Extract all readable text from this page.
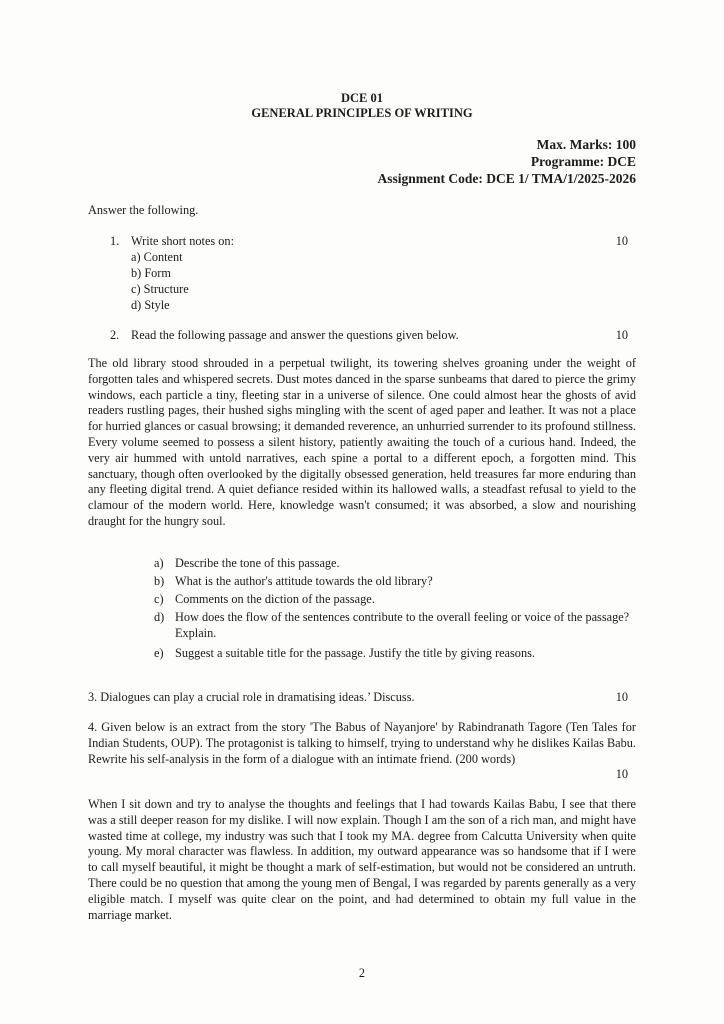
DCE 01
GENERAL PRINCIPLES OF WRITING
Max. Marks: 100
Programme: DCE
Assignment Code: DCE 1/ TMA/1/2025-2026
Answer the following.
1. Write short notes on:	10
a) Content
b) Form
c) Structure
d) Style
2. Read the following passage and answer the questions given below.	10
The old library stood shrouded in a perpetual twilight, its towering shelves groaning under the weight of forgotten tales and whispered secrets. Dust motes danced in the sparse sunbeams that dared to pierce the grimy windows, each particle a tiny, fleeting star in a universe of silence. One could almost hear the ghosts of avid readers rustling pages, their hushed sighs mingling with the scent of aged paper and leather. It was not a place for hurried glances or casual browsing; it demanded reverence, an unhurried surrender to its profound stillness. Every volume seemed to possess a silent history, patiently awaiting the touch of a curious hand. Indeed, the very air hummed with untold narratives, each spine a portal to a different epoch, a forgotten mind. This sanctuary, though often overlooked by the digitally obsessed generation, held treasures far more enduring than any fleeting digital trend. A quiet defiance resided within its hallowed walls, a steadfast refusal to yield to the clamour of the modern world. Here, knowledge wasn't consumed; it was absorbed, a slow and nourishing draught for the hungry soul.
a) Describe the tone of this passage.
b) What is the author's attitude towards the old library?
c) Comments on the diction of the passage.
d) How does the flow of the sentences contribute to the overall feeling or voice of the passage? Explain.
e) Suggest a suitable title for the passage. Justify the title by giving reasons.
3. Dialogues can play a crucial role in dramatising ideas.’ Discuss.	10
4. Given below is an extract from the story 'The Babus of Nayanjore' by Rabindranath Tagore (Ten Tales for Indian Students, OUP). The protagonist is talking to himself, trying to understand why he dislikes Kailas Babu. Rewrite his self-analysis in the form of a dialogue with an intimate friend. (200 words)
10
When I sit down and try to analyse the thoughts and feelings that I had towards Kailas Babu, I see that there was a still deeper reason for my dislike. I will now explain. Though I am the son of a rich man, and might have wasted time at college, my industry was such that I took my MA. degree from Calcutta University when quite young. My moral character was flawless. In addition, my outward appearance was so handsome that if I were to call myself beautiful, it might be thought a mark of self-estimation, but would not be considered an untruth. There could be no question that among the young men of Bengal, I was regarded by parents generally as a very eligible match. I myself was quite clear on the point, and had determined to obtain my full value in the marriage market.
2
